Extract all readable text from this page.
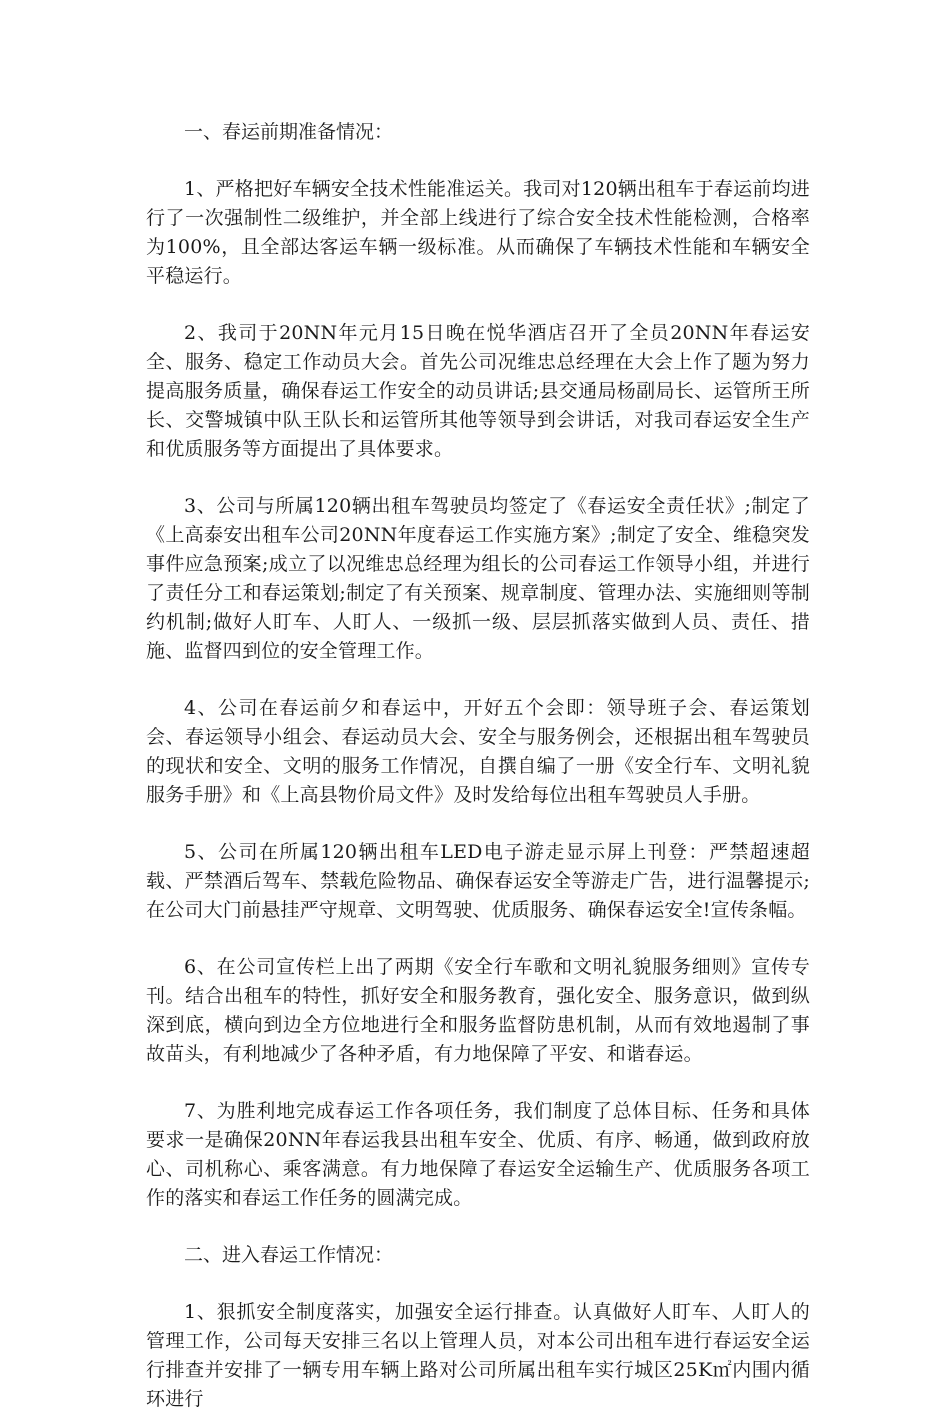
一、春运前期准备情况：

1、严格把好车辆安全技术性能准运关。我司对120辆出租车于春运前均进行了一次强制性二级维护，并全部上线进行了综合安全技术性能检测，合格率为100%，且全部达客运车辆一级标准。从而确保了车辆技术性能和车辆安全平稳运行。

2、我司于20NN年元月15日晚在悦华酒店召开了全员20NN年春运安全、服务、稳定工作动员大会。首先公司况维忠总经理在大会上作了题为努力提高服务质量，确保春运工作安全的动员讲话;县交通局杨副局长、运管所王所长、交警城镇中队王队长和运管所其他等领导到会讲话，对我司春运安全生产和优质服务等方面提出了具体要求。

3、公司与所属120辆出租车驾驶员均签定了《春运安全责任状》;制定了《上高泰安出租车公司20NN年度春运工作实施方案》;制定了安全、维稳突发事件应急预案;成立了以况维忠总经理为组长的公司春运工作领导小组，并进行了责任分工和春运策划;制定了有关预案、规章制度、管理办法、实施细则等制约机制;做好人盯车、人盯人、一级抓一级、层层抓落实做到人员、责任、措施、监督四到位的安全管理工作。

4、公司在春运前夕和春运中，开好五个会即：领导班子会、春运策划会、春运领导小组会、春运动员大会、安全与服务例会，还根据出租车驾驶员的现状和安全、文明的服务工作情况，自撰自编了一册《安全行车、文明礼貌服务手册》和《上高县物价局文件》及时发给每位出租车驾驶员人手册。

5、公司在所属120辆出租车LED电子游走显示屏上刊登：严禁超速超载、严禁酒后驾车、禁载危险物品、确保春运安全等游走广告，进行温馨提示;在公司大门前悬挂严守规章、文明驾驶、优质服务、确保春运安全!宣传条幅。

6、在公司宣传栏上出了两期《安全行车歌和文明礼貌服务细则》宣传专刊。结合出租车的特性，抓好安全和服务教育，强化安全、服务意识，做到纵深到底，横向到边全方位地进行全和服务监督防患机制，从而有效地遏制了事故苗头，有利地减少了各种矛盾，有力地保障了平安、和谐春运。

7、为胜利地完成春运工作各项任务，我们制度了总体目标、任务和具体要求一是确保20NN年春运我县出租车安全、优质、有序、畅通，做到政府放心、司机称心、乘客满意。有力地保障了春运安全运输生产、优质服务各项工作的落实和春运工作任务的圆满完成。

二、进入春运工作情况：

1、狠抓安全制度落实，加强安全运行排查。认真做好人盯车、人盯人的管理工作，公司每天安排三名以上管理人员，对本公司出租车进行春运安全运行排查并安排了一辆专用车辆上路对公司所属出租车实行城区25K㎡内围内循环进行
